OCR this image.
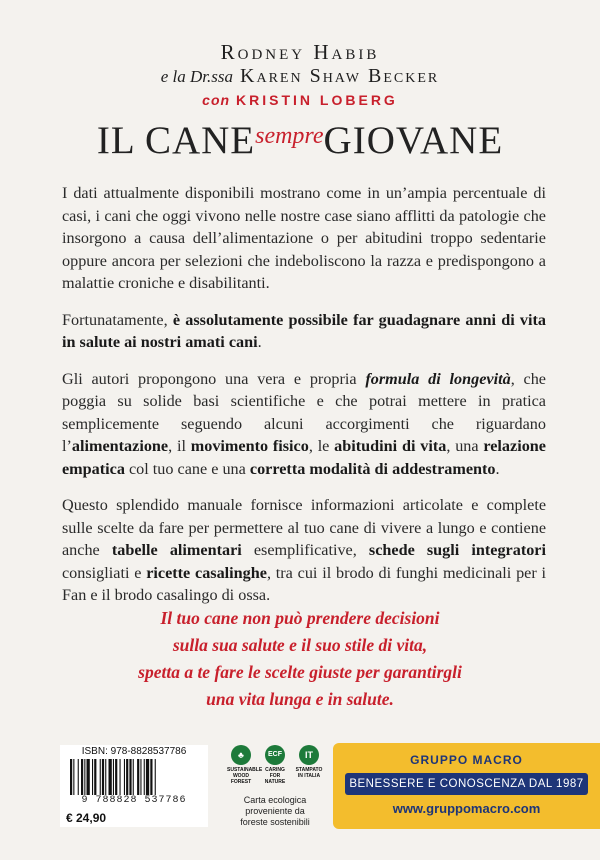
Rodney Habib
e la Dr.ssa Karen Shaw Becker
con KRISTIN LOBERG
IL $CANE^{sempre}GIOVANE$

I dati attualmente disponibili mostrano come in un’ampia percentuale di casi, i cani che oggi vivono nelle nostre case siano afflitti da patologie che insorgono a causa dell’alimentazione o per abitudini troppo sedentarie oppure ancora per selezioni che indeboliscono la razza e predispongono a malattie croniche e disabilitanti.

Fortunatamente, è assolutamente possibile far guadagnare anni di vita in salute ai nostri amati cani.

Gli autori propongono una vera e propria formula di longevità, che poggia su solide basi scientifiche e che potrai mettere in pratica semplicemente seguendo alcuni accorgimenti che riguardano l’alimentazione, il movimento fisico, le abitudini di vita, una relazione empatica col tuo cane e una corretta modalità di addestramento.

Questo splendido manuale fornisce informazioni articolate e complete sulle scelte da fare per permettere al tuo cane di vivere a lungo e contiene anche tabelle alimentari esemplificative, schede sugli integratori consigliati e ricette casalinghe, tra cui il brodo di funghi medicinali per i Fan e il brodo casalingo di ossa.

Il tuo cane non può prendere decisioni
sulla sua salute e il suo stile di vita,
spetta a te fare le scelte giuste per garantirgli
una vita lunga e in salute.
ISBN: 978-8828537786
9 788828 537786
€ 24,90
♣
SUSTAINABLE WOOD FOREST
ECF
CARING FOR NATURE
IT
STAMPATO IN ITALIA
Carta ecologica
proveniente da
foreste sostenibili
GRUPPO MACRO
BENESSERE E CONOSCENZA DAL 1987
www.gruppomacro.com
